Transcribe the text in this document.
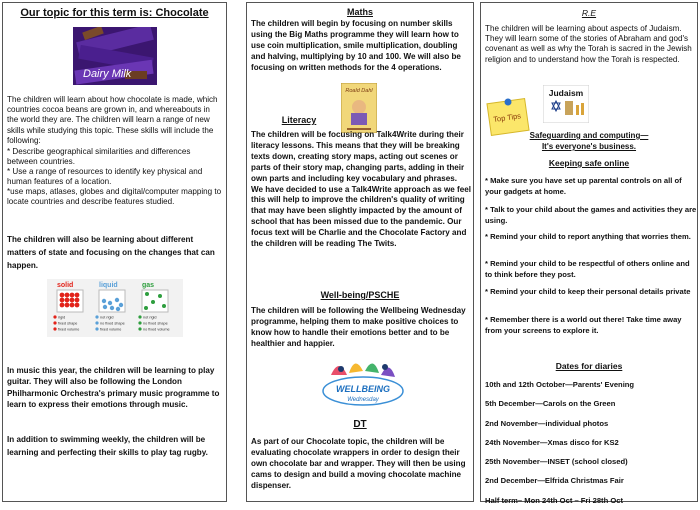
Our topic for this term is: Chocolate
Dairy Milk
The children will learn about how chocolate is made, which countries cocoa beans are grown in, and whereabouts in the world they are. The children will learn a range of new skills while studying this topic. These skills will include the following:
* Describe geographical similarities and differences between countries.
* Use a range of resources to identify key physical and human features of a location.
*use maps, atlases, globes and digital/computer mapping to locate countries and describe features studied.
The children will also be learning about different matters of state and focusing on the changes that can happen.
solid
rigid
fixed shape
fixed volume
liquid
not rigid
no fixed shape
fixed volume
gas
not rigid
no fixed shape
no fixed volume
In music this year, the children will be learning to play guitar. They will also be following the London Philharmonic Orchestra's primary music programme to learn to express their emotions through music.
In addition to swimming weekly, the children will be learning and perfecting their skills to play tag rugby.
Maths
The children will begin by focusing on number skills using the Big Maths programme they will learn how to use coin multiplication, smile multiplication, doubling and halving, multiplying by 10 and 100. We will also be focusing on written methods for the 4 operations.
Literacy
Roald Dahl
The children will be focusing on Talk4Write during their literacy lessons. This means that they will be breaking texts down, creating story maps, acting out scenes or parts of their story map, changing parts, adding in their own parts and including key vocabulary and phrases. We have decided to use a Talk4Write approach as we feel this will help to improve the children's quality of writing that may have been slightly impacted by the amount of school that has been missed due to the pandemic. Our focus text will be Charlie and the Chocolate Factory and the children will be reading The Twits.
Well-being/PSCHE
The children will be following the Wellbeing Wednesday programme, helping them to make positive choices to know how to handle their emotions better and to be healthier and happier.
WELLBEING
Wednesday
DT
As part of our Chocolate topic, the children will be evaluating chocolate wrappers in order to design their own chocolate bar and wrapper. They will then be using cams to design and build a moving chocolate machine dispenser.
R.E
The children will be learning about aspects of Judaism. They will learn some of the stories of Abraham and god's covenant as well as why the Torah is sacred in the Jewish religion and to understand how the Torah is respected.
Top Tips
Judaism
Safeguarding and computing—
It's everyone's business.
Keeping safe online
* Make sure you have set up parental controls on all of your gadgets at home.
* Talk to your child about the games and activities they are using.
* Remind your child to report anything that worries them.
* Remind your child to be respectful of others online and to think before they post.
* Remind your child to keep their personal details private
* Remember there is a world out there! Take time away from your screens to explore it.
Dates for diaries
10th and 12th October—Parents' Evening
5th December—Carols on the Green
2nd November—individual photos
24th November—Xmas disco for KS2
25th November—INSET (school closed)
2nd December—Elfrida Christmas Fair
Half term– Mon 24th Oct – Fri 28th Oct
